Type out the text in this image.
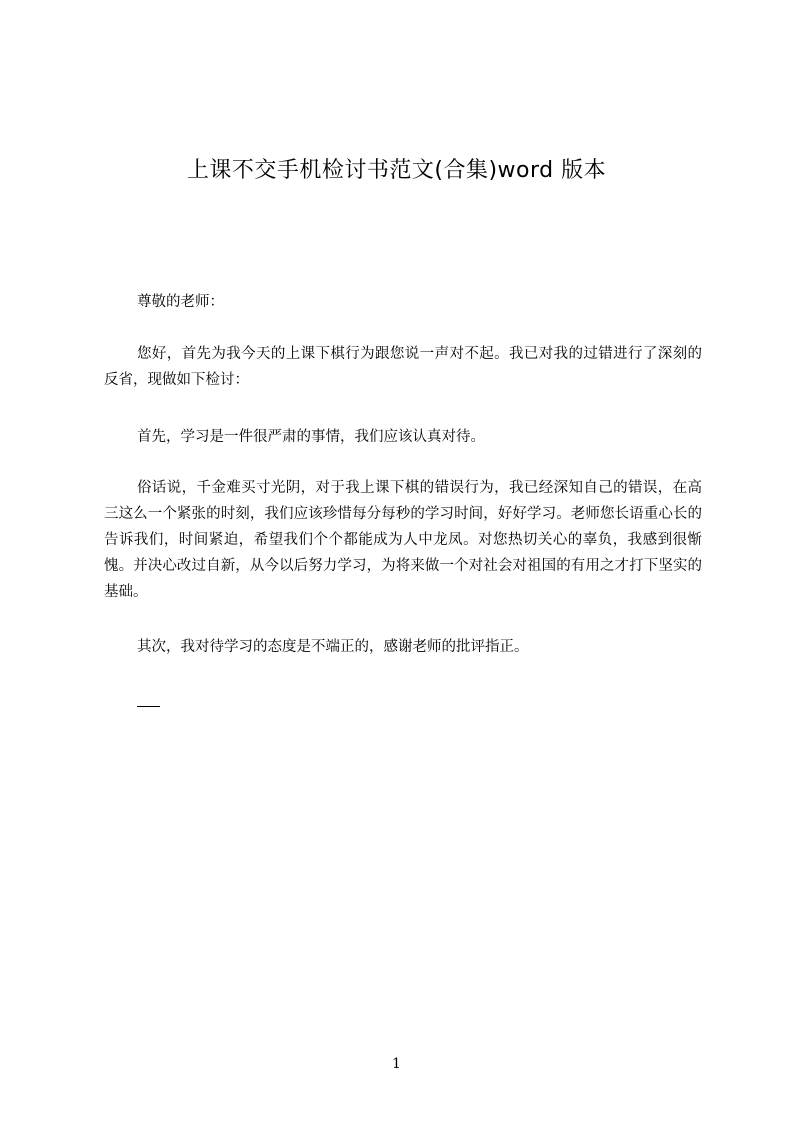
上课不交手机检讨书范文(合集)word 版本

尊敬的老师：

您好，首先为我今天的上课下棋行为跟您说一声对不起。我已对我的过错进行了深刻的反省，现做如下检讨：

首先，学习是一件很严肃的事情，我们应该认真对待。

俗话说，千金难买寸光阴，对于我上课下棋的错误行为，我已经深知自己的错误，在高三这么一个紧张的时刻，我们应该珍惜每分每秒的学习时间，好好学习。老师您长语重心长的告诉我们，时间紧迫，希望我们个个都能成为人中龙凤。对您热切关心的辜负，我感到很惭愧。并决心改过自新，从今以后努力学习，为将来做一个对社会对祖国的有用之才打下坚实的基础。

其次，我对待学习的态度是不端正的，感谢老师的批评指正。

1
